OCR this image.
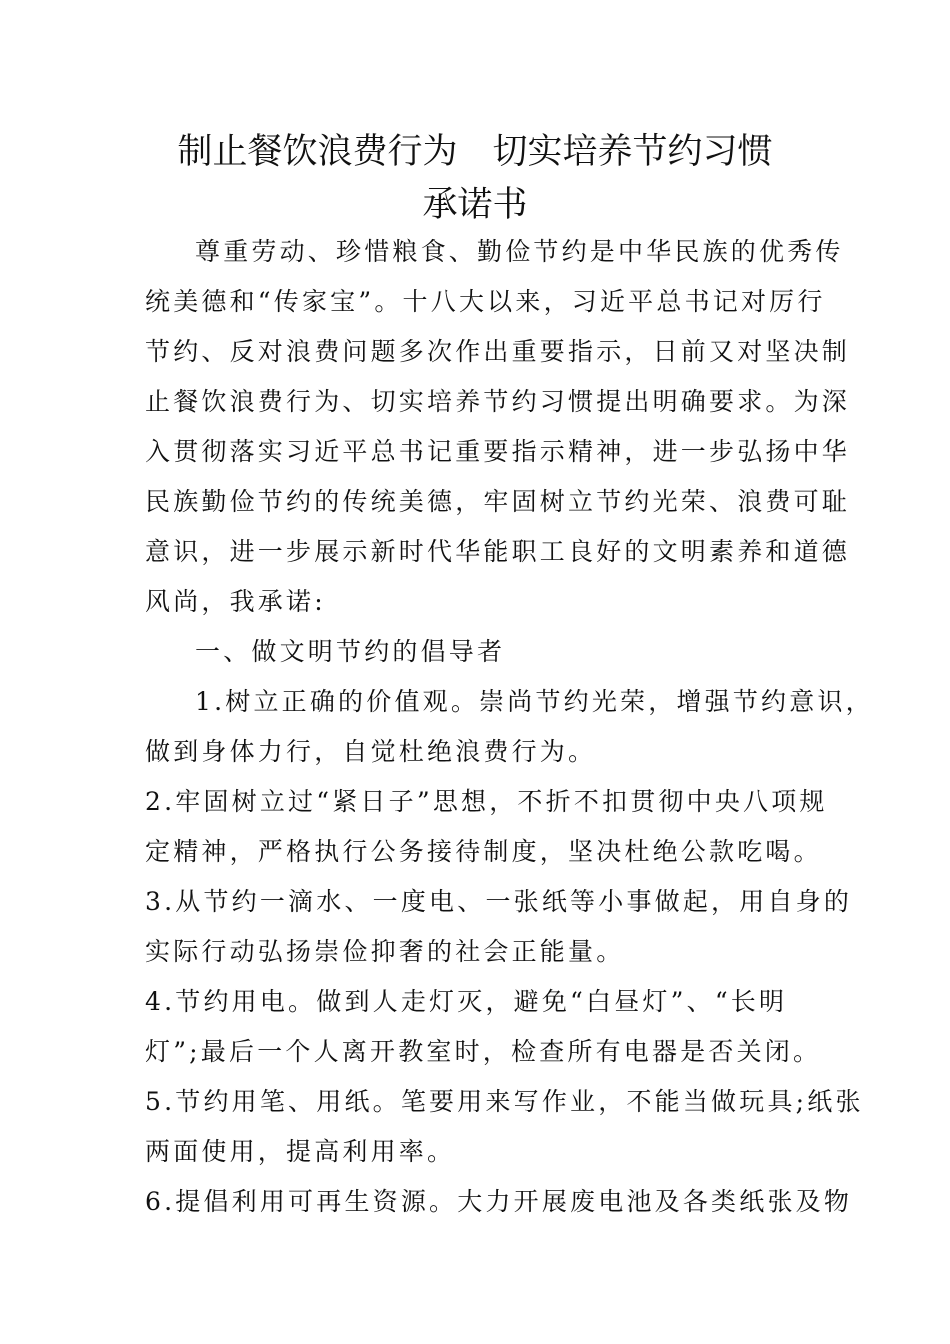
制止餐饮浪费行为　切实培养节约习惯
承诺书
尊重劳动、珍惜粮食、勤俭节约是中华民族的优秀传
统美德和“传家宝”。十八大以来，习近平总书记对厉行
节约、反对浪费问题多次作出重要指示，日前又对坚决制
止餐饮浪费行为、切实培养节约习惯提出明确要求。为深
入贯彻落实习近平总书记重要指示精神，进一步弘扬中华
民族勤俭节约的传统美德，牢固树立节约光荣、浪费可耻
意识，进一步展示新时代华能职工良好的文明素养和道德
风尚，我承诺:
一、做文明节约的倡导者
1.树立正确的价值观。崇尚节约光荣，增强节约意识，
做到身体力行，自觉杜绝浪费行为。
2.牢固树立过“紧日子”思想，不折不扣贯彻中央八项规
定精神，严格执行公务接待制度，坚决杜绝公款吃喝。
3.从节约一滴水、一度电、一张纸等小事做起，用自身的
实际行动弘扬崇俭抑奢的社会正能量。
4.节约用电。做到人走灯灭，避免“白昼灯”、“长明
灯”;最后一个人离开教室时，检查所有电器是否关闭。
5.节约用笔、用纸。笔要用来写作业，不能当做玩具;纸张
两面使用，提高利用率。
6.提倡利用可再生资源。大力开展废电池及各类纸张及物
